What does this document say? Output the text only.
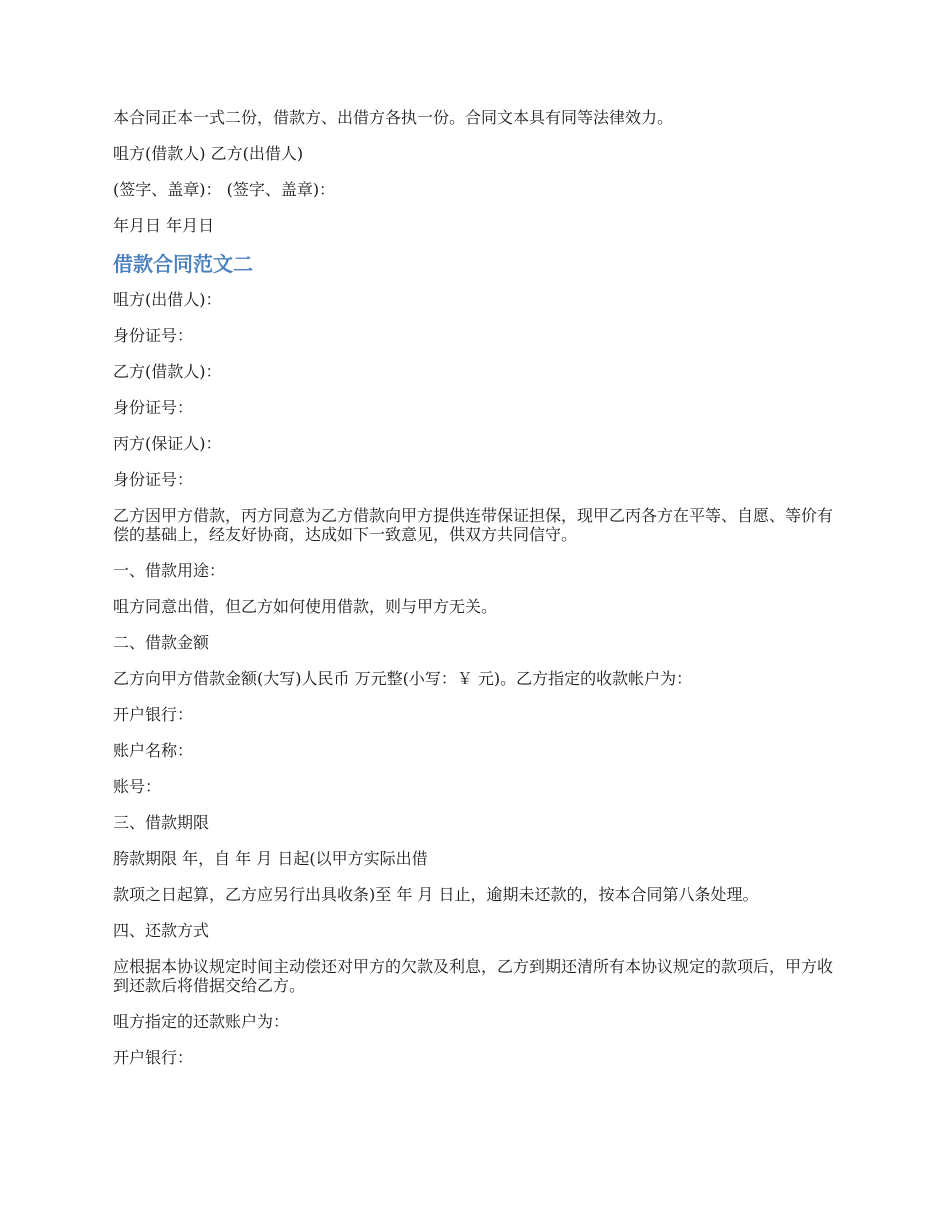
本合同正本一式二份，借款方、出借方各执一份。合同文本具有同等法律效力。

咀方(借款人) 乙方(出借人)

(签字、盖章)： (签字、盖章)：

年月日 年月日

借款合同范文二

咀方(出借人)：

身份证号：

乙方(借款人)：

身份证号：

丙方(保证人)：

身份证号：

乙方因甲方借款，丙方同意为乙方借款向甲方提供连带保证担保，现甲乙丙各方在平等、自愿、等价有偿的基础上，经友好协商，达成如下一致意见，供双方共同信守。

一、借款用途：

咀方同意出借，但乙方如何使用借款，则与甲方无关。

二、借款金额

乙方向甲方借款金额(大写)人民币 万元整(小写：￥ 元)。乙方指定的收款帐户为：

开户银行：

账户名称：

账号：

三、借款期限

胯款期限 年，自 年 月 日起(以甲方实际出借

款项之日起算，乙方应另行出具收条)至 年 月 日止，逾期未还款的，按本合同第八条处理。

四、还款方式

应根据本协议规定时间主动偿还对甲方的欠款及利息，乙方到期还清所有本协议规定的款项后，甲方收到还款后将借据交给乙方。

咀方指定的还款账户为：

开户银行：
